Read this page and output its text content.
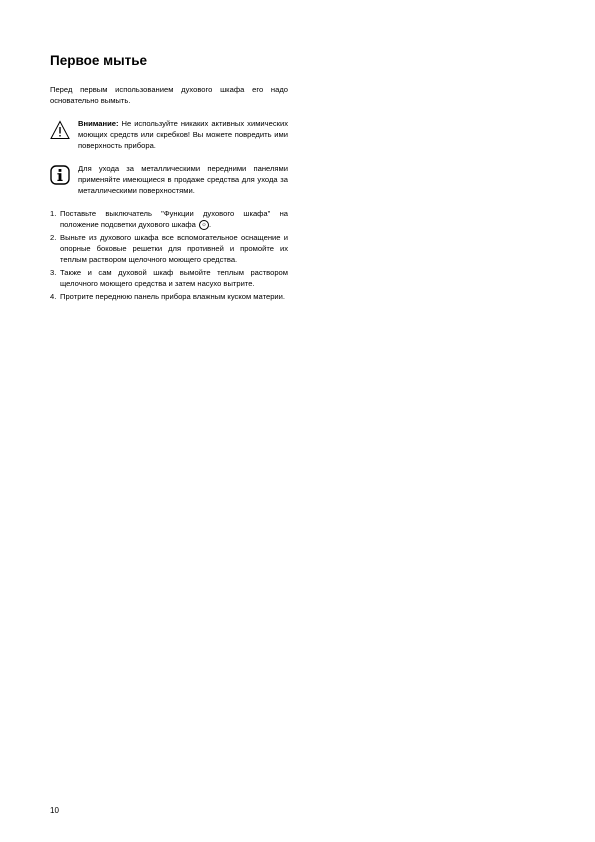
Первое мытье

Перед первым использованием духового шкафа его надо основательно вымыть.

Внимание: Не используйте никаких активных химических моющих средств или скребков! Вы можете повредить ими поверхность прибора.
Для ухода за металлическими передними панелями применяйте имеющиеся в продаже средства для ухода за металлическими поверхностями.
1. Поставьте выключатель "Функции духового шкафа" на положение подсветки духового шкафа ☼ .
2. Выньте из духового шкафа все вспомогательное оснащение и опорные боковые решетки для противней и промойте их теплым раствором щелочного моющего средства.
3. Также и сам духовой шкаф вымойте теплым раствором щелочного моющего средства и затем насухо вытрите.
4. Протрите переднюю панель прибора влажным куском материи.
10
